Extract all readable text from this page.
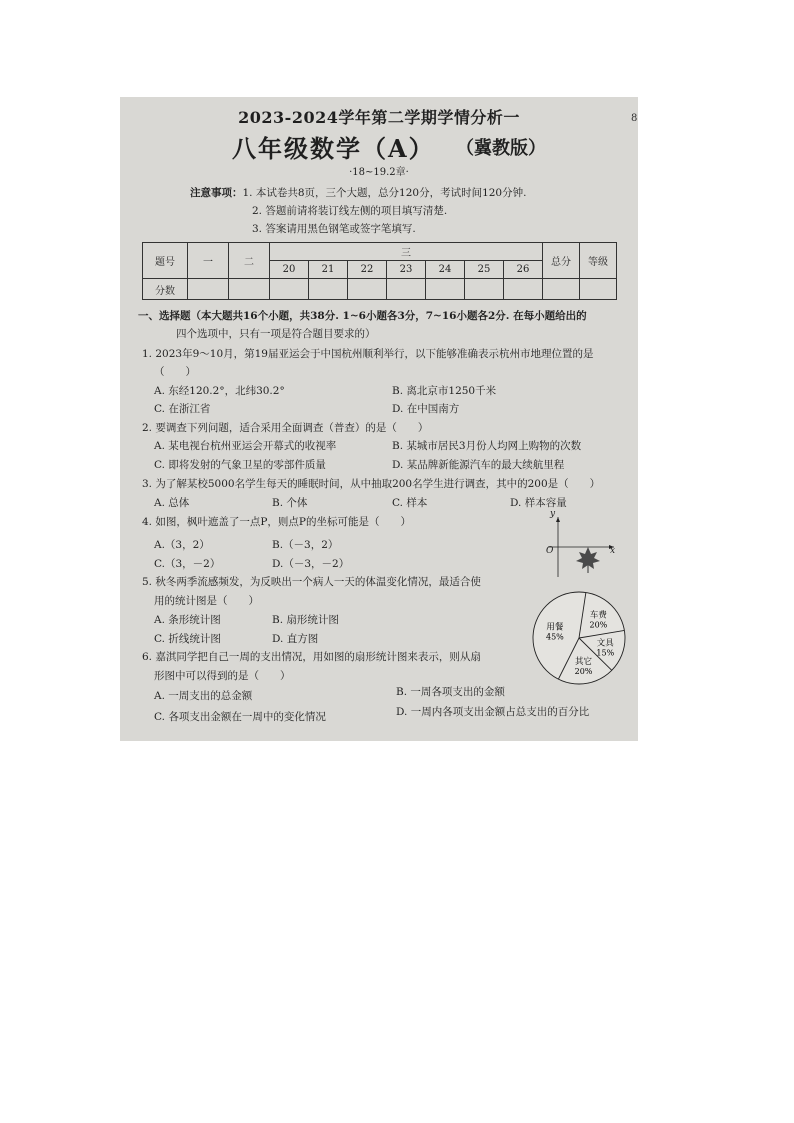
8
2023-2024学年第二学期学情分析一
八年级数学（A） （冀教版）
·18~19.2章·
注意事项：1. 本试卷共8页，三个大题，总分120分，考试时间120分钟.
2. 答题前请将装订线左侧的项目填写清楚.
3. 答案请用黑色钢笔或签字笔填写.
题号	一	二	三							总分	等级
			20	21	22	23	24	25	26		
分数											
一、选择题（本大题共16个小题，共38分. 1~6小题各3分，7~16小题各2分. 在每小题给出的
四个选项中，只有一项是符合题目要求的）
1. 2023年9～10月，第19届亚运会于中国杭州顺利举行，以下能够准确表示杭州市地理位置的是
（　　）
A. 东经120.2°，北纬30.2°	B. 离北京市1250千米
C. 在浙江省	D. 在中国南方
2. 要调查下列问题，适合采用全面调查（普查）的是（　　）
A. 某电视台杭州亚运会开幕式的收视率	B. 某城市居民3月份人均网上购物的次数
C. 即将发射的气象卫星的零部件质量	D. 某品牌新能源汽车的最大续航里程
3. 为了解某校5000名学生每天的睡眠时间，从中抽取200名学生进行调查，其中的200是（　　）
A. 总体	B. 个体	C. 样本	D. 样本容量
4. 如图，枫叶遮盖了一点P，则点P的坐标可能是（　　）
A.（3，2）	B.（－3，2）
C.（3，－2）	D.（－3，－2）
y
x
O
5. 秋冬两季流感频发，为反映出一个病人一天的体温变化情况，最适合使
用的统计图是（　　）
A. 条形统计图	B. 扇形统计图
C. 折线统计图	D. 直方图
6. 嘉淇同学把自己一周的支出情况，用如图的扇形统计图来表示，则从扇
形图中可以得到的是（　　）
A. 一周支出的总金额	B. 一周各项支出的金额
C. 各项支出金额在一周中的变化情况	D. 一周内各项支出金额占总支出的百分比
车费
20%
文具
15%
其它
20%
用餐
45%
